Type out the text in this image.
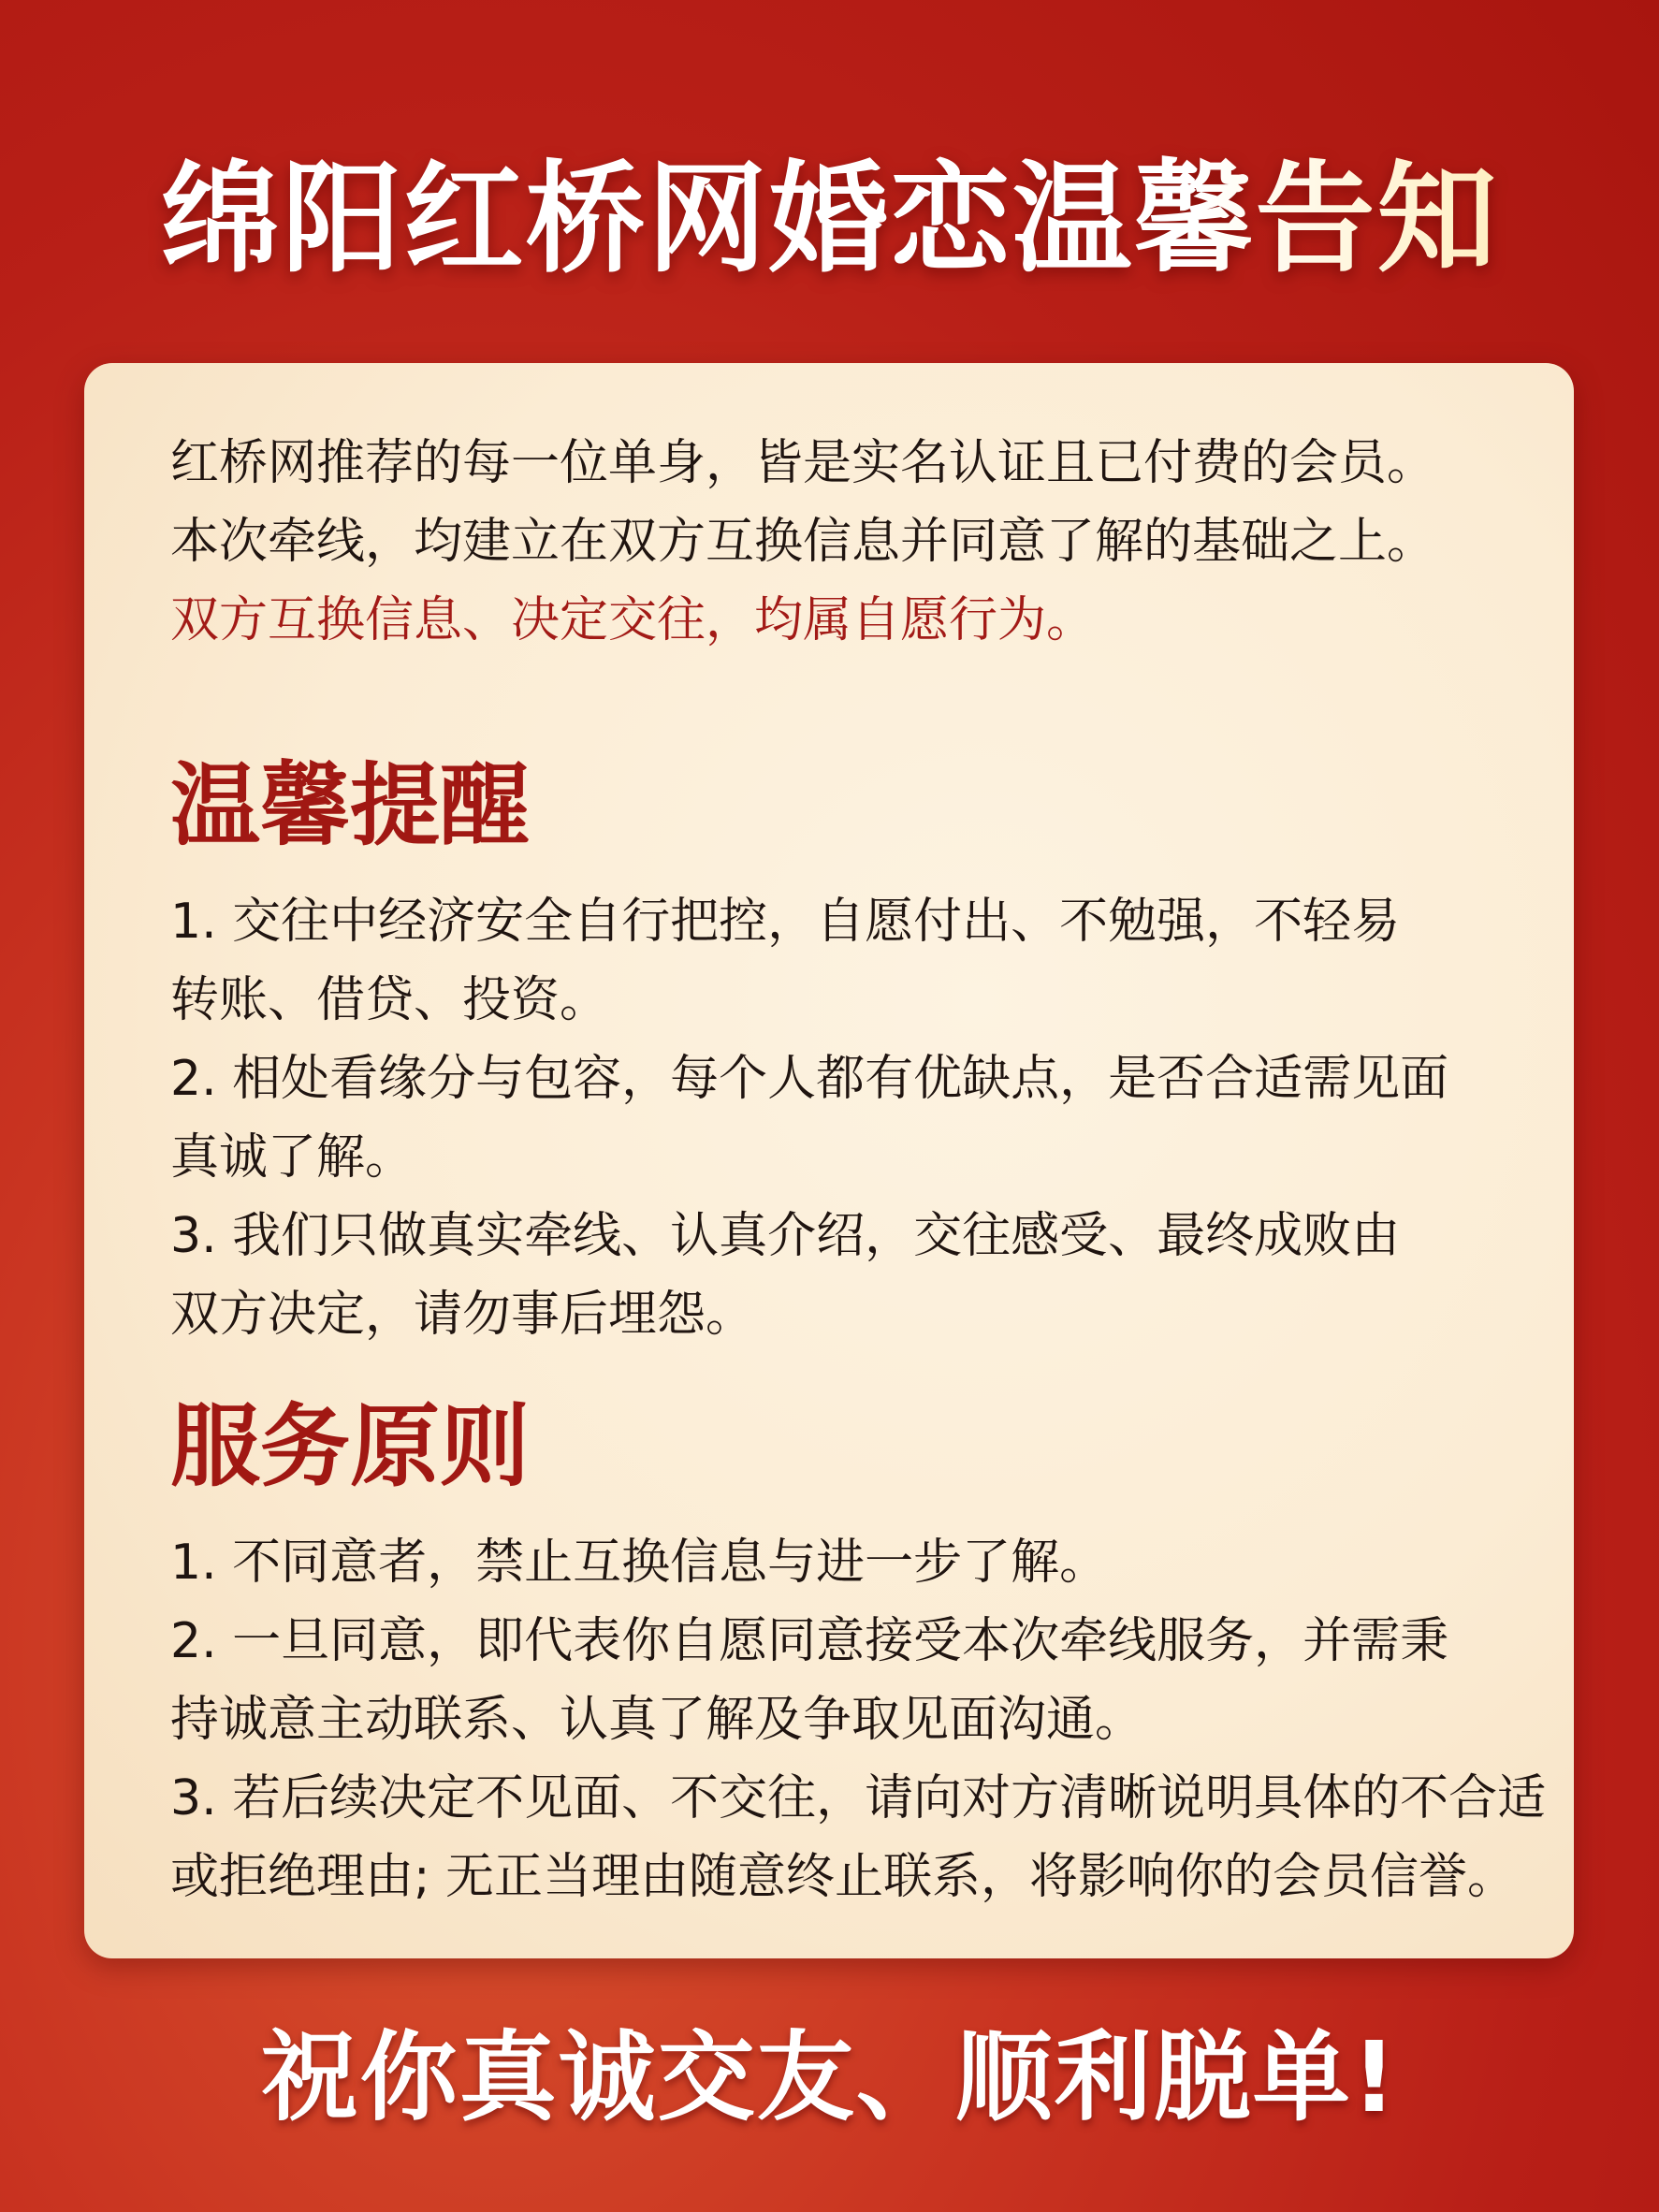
绵阳红桥网婚恋温馨告知
红桥网推荐的每一位单身，皆是实名认证且已付费的会员。
本次牵线，均建立在双方互换信息并同意了解的基础之上。
双方互换信息、决定交往，均属自愿行为。
温馨提醒
1. 交往中经济安全自行把控，自愿付出、不勉强，不轻易
转账、借贷、投资。
2. 相处看缘分与包容，每个人都有优缺点，是否合适需见面
真诚了解。
3. 我们只做真实牵线、认真介绍，交往感受、最终成败由
双方决定，请勿事后埋怨。
服务原则
1. 不同意者，禁止互换信息与进一步了解。
2. 一旦同意，即代表你自愿同意接受本次牵线服务，并需秉
持诚意主动联系、认真了解及争取见面沟通。
3. 若后续决定不见面、不交往，请向对方清晰说明具体的不合适
或拒绝理由; 无正当理由随意终止联系，将影响你的会员信誉。
祝你真诚交友、顺利脱单!
